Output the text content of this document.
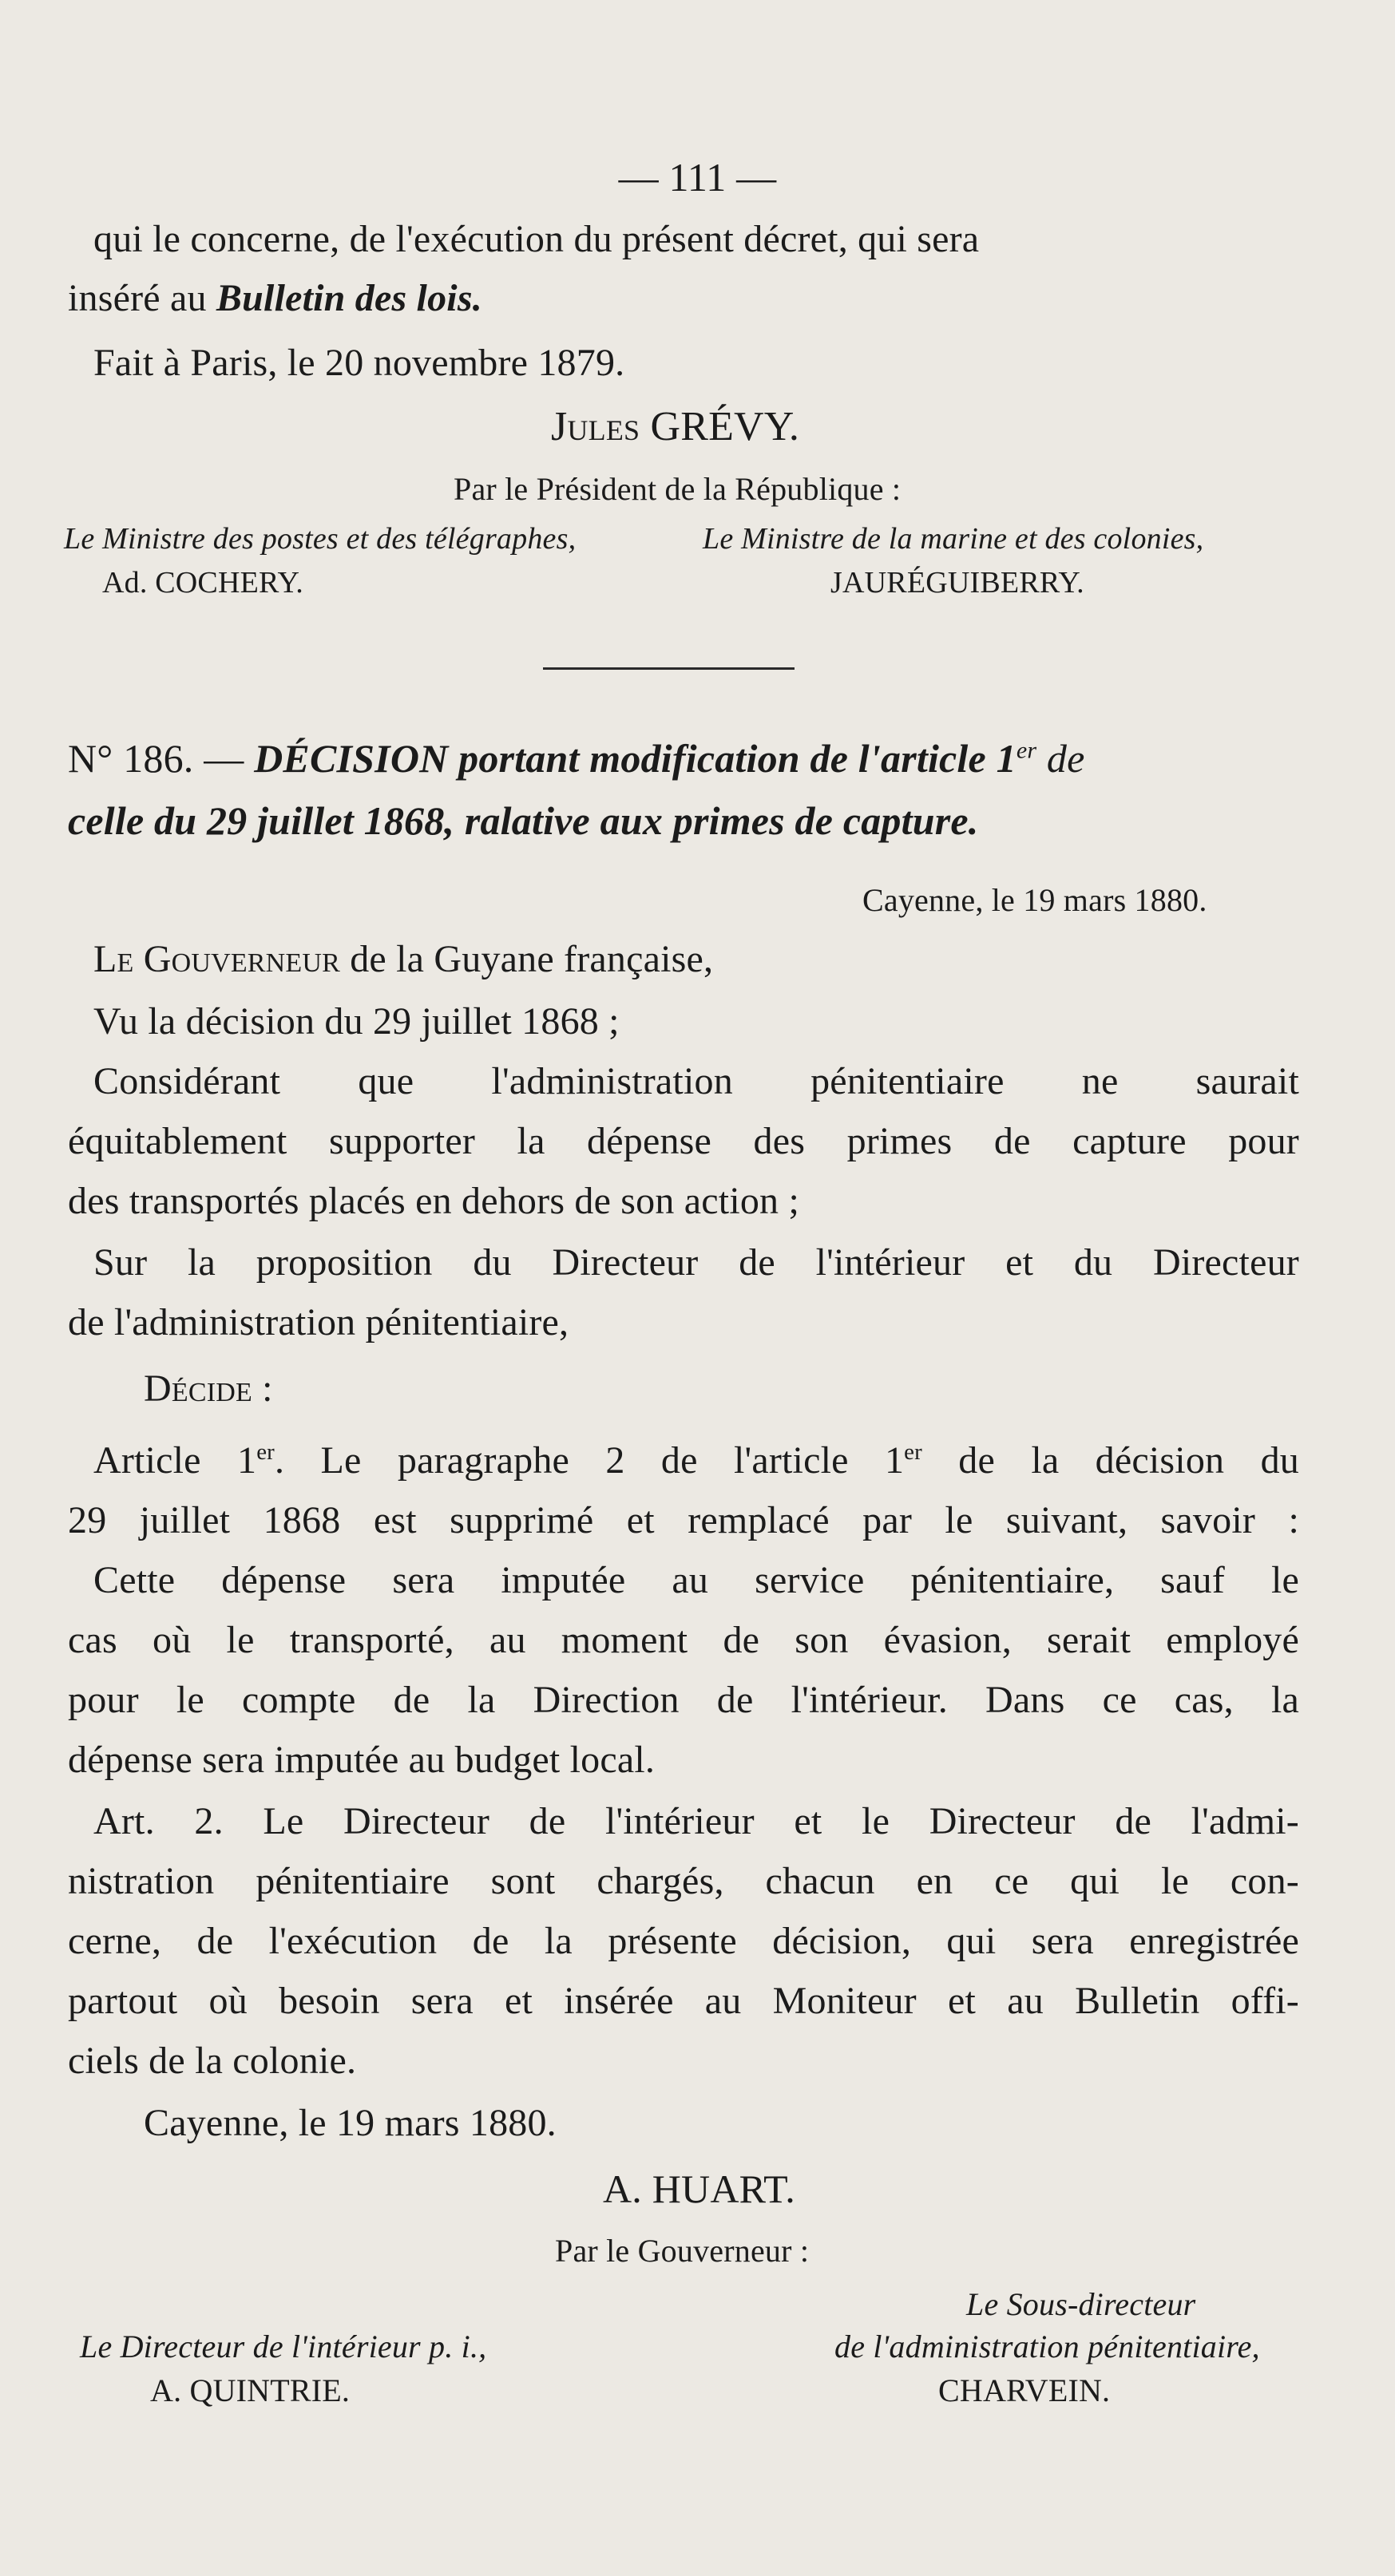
— 111 —
qui le concerne, de l'exécution du présent décret, qui sera
inséré au Bulletin des lois.
Fait à Paris, le 20 novembre 1879.
Jules GRÉVY.
Par le Président de la République :
Le Ministre des postes et des télégraphes,	Le Ministre de la marine et des colonies,
Ad. COCHERY.	JAURÉGUIBERRY.
N° 186. — DÉCISION portant modification de l'article 1er de
celle du 29 juillet 1868, ralative aux primes de capture.
Cayenne, le 19 mars 1880.
Le Gouverneur de la Guyane française,
Vu la décision du 29 juillet 1868 ;
Considérant que l'administration pénitentiaire ne saurait
équitablement supporter la dépense des primes de capture pour
des transportés placés en dehors de son action ;
Sur la proposition du Directeur de l'intérieur et du Directeur
de l'administration pénitentiaire,
Décide :
Article 1er. Le paragraphe 2 de l'article 1er de la décision du
29 juillet 1868 est supprimé et remplacé par le suivant, savoir :
Cette dépense sera imputée au service pénitentiaire, sauf le
cas où le transporté, au moment de son évasion, serait employé
pour le compte de la Direction de l'intérieur. Dans ce cas, la
dépense sera imputée au budget local.
Art. 2. Le Directeur de l'intérieur et le Directeur de l'admi-
nistration pénitentiaire sont chargés, chacun en ce qui le con-
cerne, de l'exécution de la présente décision, qui sera enregistrée
partout où besoin sera et insérée au Moniteur et au Bulletin offi-
ciels de la colonie.
Cayenne, le 19 mars 1880.
A. HUART.
Par le Gouverneur :
Le Sous-directeur
Le Directeur de l'intérieur p. i.,	de l'administration pénitentiaire,
A. QUINTRIE.	CHARVEIN.
